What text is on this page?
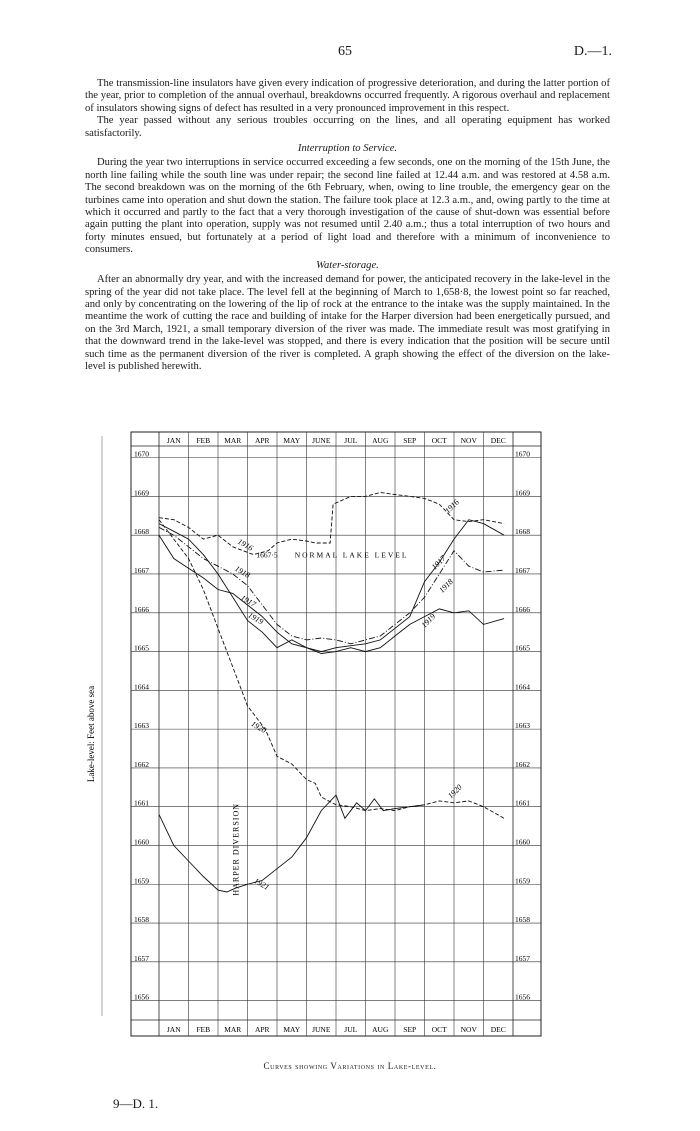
65	D.—1.

The transmission-line insulators have given every indication of progressive deterioration, and during the latter portion of the year, prior to completion of the annual overhaul, breakdowns occurred frequently. A rigorous overhaul and replacement of insulators showing signs of defect has resulted in a very pronounced improvement in this respect.

The year passed without any serious troubles occurring on the lines, and all operating equipment has worked satisfactorily.

Interruption to Service.

During the year two interruptions in service occurred exceeding a few seconds, one on the morning of the 15th June, the north line failing while the south line was under repair; the second line failed at 12.44 a.m. and was restored at 4.58 a.m. The second breakdown was on the morning of the 6th February, when, owing to line trouble, the emergency gear on the turbines came into operation and shut down the station. The failure took place at 12.3 a.m., and, owing partly to the time at which it occurred and partly to the fact that a very thorough investigation of the cause of shut-down was essential before again putting the plant into operation, supply was not resumed until 2.40 a.m.; thus a total interruption of two hours and forty minutes ensued, but fortunately at a period of light load and therefore with a minimum of inconvenience to consumers.

Water-storage.

After an abnormally dry year, and with the increased demand for power, the anticipated recovery in the lake-level in the spring of the year did not take place. The level fell at the beginning of March to 1,658·8, the lowest point so far reached, and only by concentrating on the lowering of the lip of rock at the entrance to the intake was the supply maintained. In the meantime the work of cutting the race and building of intake for the Harper diversion had been energetically pursued, and on the 3rd March, 1921, a small temporary diversion of the river was made. The immediate result was most gratifying in that the downward trend in the lake-level was stopped, and there is every indication that the position will be secure until such time as the permanent diversion of the river is completed. A graph showing the effect of the diversion on the lake-level is published herewith.

JAN
JAN
FEB
FEB
MAR
MAR
APR
APR
MAY
MAY
JUNE
JUNE
JUL
JUL
AUG
AUG
SEP
SEP
OCT
OCT
NOV
NOV
DEC
DEC
1670	1670
1669	1669
1668	1668
1667	1667
1666	1666
1665	1665
1664	1664
1663	1663
1662	1662
1661	1661
1660	1660
1659	1659
1658	1658
1657	1657
1656	1656
Lake-level: Feet above sea
1667·5 NORMAL LAKE LEVEL
HARPER DIVERSION
1916
1916
1917
1917
1918
1918
1919	1919
1920
1920
1921
Curves showing Variations in Lake-level.
9—D. 1.
